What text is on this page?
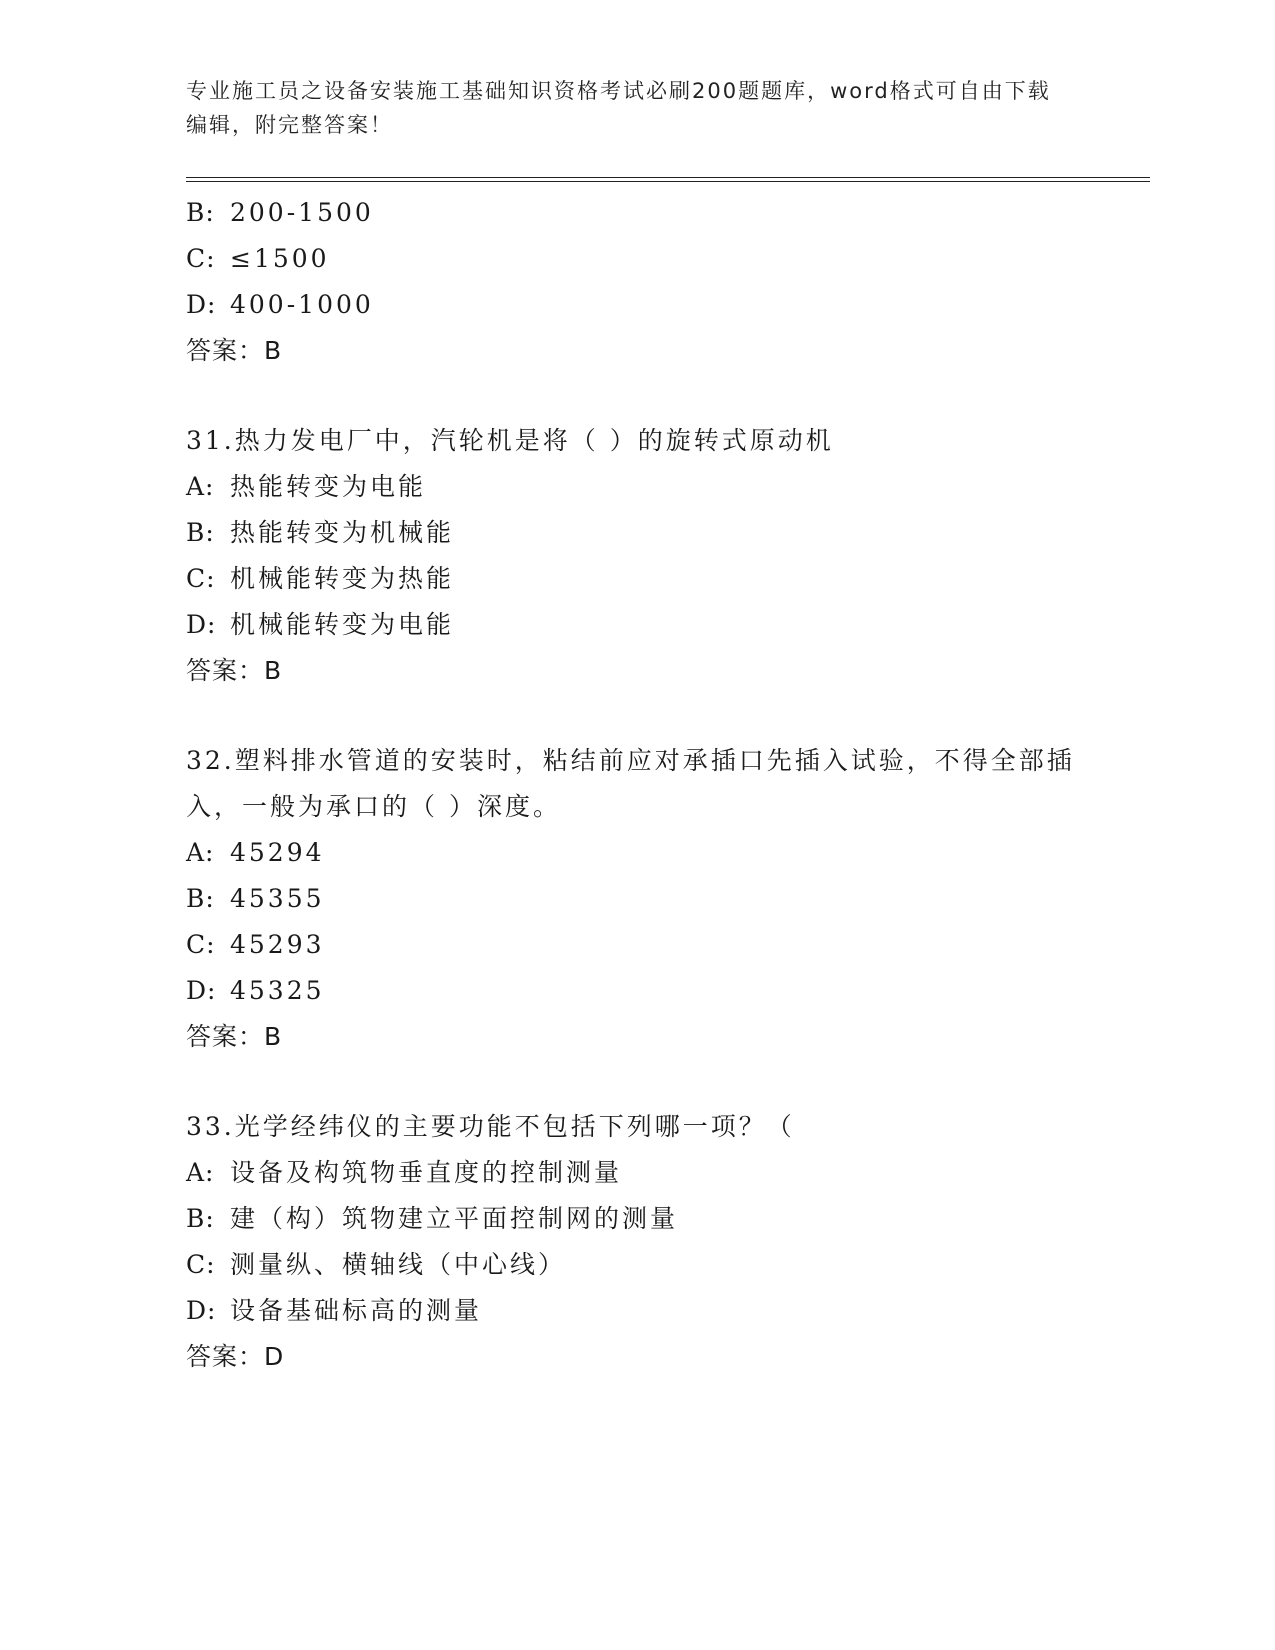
专业施工员之设备安装施工基础知识资格考试必刷200题题库，word格式可自由下载编辑，附完整答案！
B: 200-1500
C: ≤1500
D: 400-1000
答案：B

31.热力发电厂中，汽轮机是将（ ）的旋转式原动机

A: 热能转变为电能
B: 热能转变为机械能
C: 机械能转变为热能
D: 机械能转变为电能
答案：B

32.塑料排水管道的安装时，粘结前应对承插口先插入试验，不得全部插入，一般为承口的（ ）深度。

A: 45294
B: 45355
C: 45293
D: 45325
答案：B

33.光学经纬仪的主要功能不包括下列哪一项？（

A: 设备及构筑物垂直度的控制测量
B: 建（构）筑物建立平面控制网的测量
C: 测量纵、横轴线（中心线）
D: 设备基础标高的测量
答案：D
